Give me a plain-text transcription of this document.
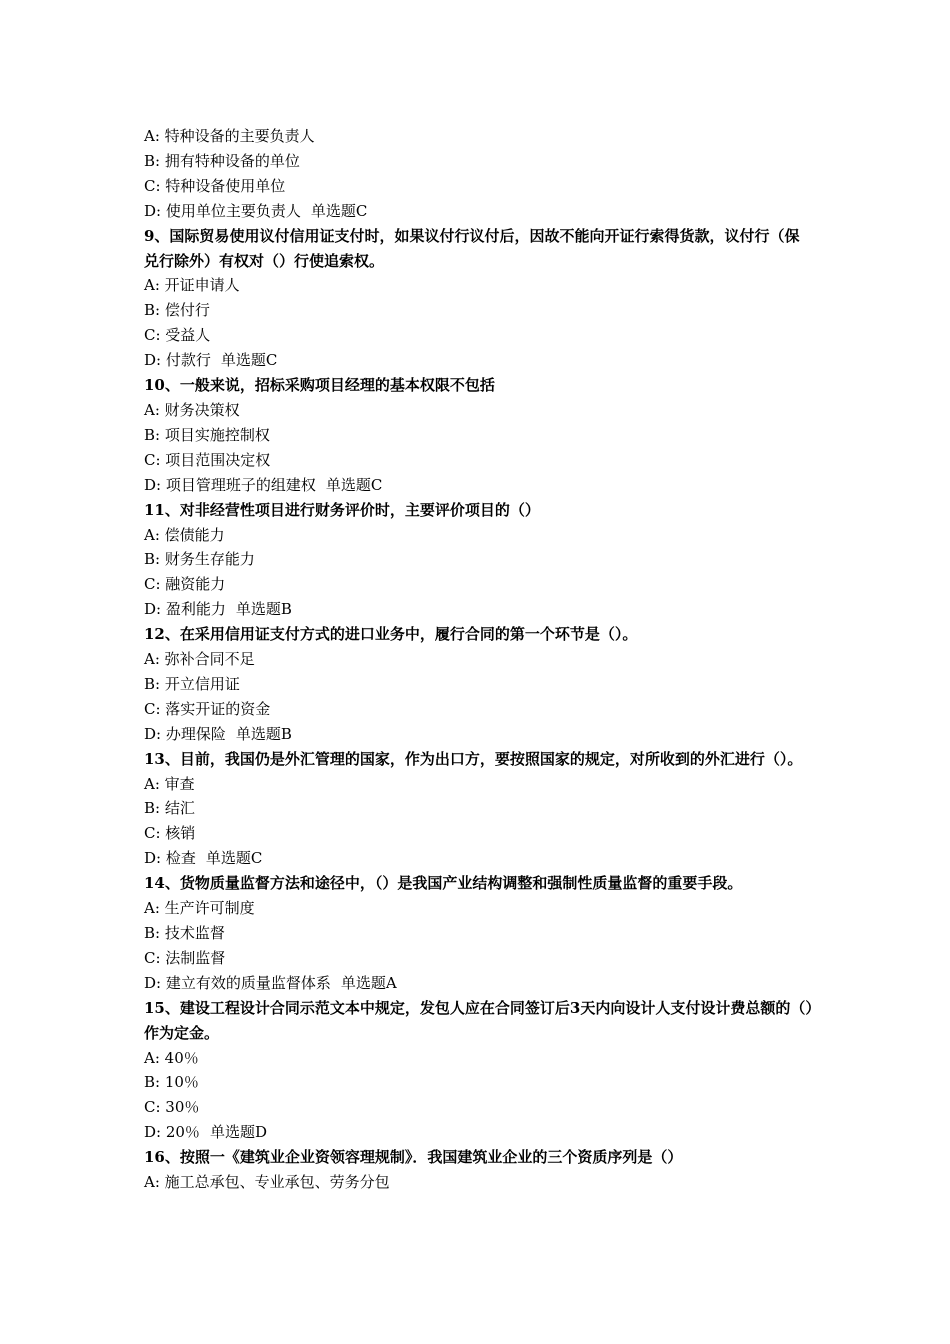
A: 特种设备的主要负责人
B: 拥有特种设备的单位
C: 特种设备使用单位
D: 使用单位主要负责人 单选题C
9、国际贸易使用议付信用证支付时，如果议付行议付后，因故不能向开证行索得货款，议付行（保兑行除外）有权对（）行使追索权。
A: 开证申请人
B: 偿付行
C: 受益人
D: 付款行 单选题C
10、一般来说，招标采购项目经理的基本权限不包括
A: 财务决策权
B: 项目实施控制权
C: 项目范围决定权
D: 项目管理班子的组建权 单选题C
11、对非经营性项目进行财务评价时，主要评价项目的（）
A: 偿债能力
B: 财务生存能力
C: 融资能力
D: 盈利能力 单选题B
12、在采用信用证支付方式的进口业务中，履行合同的第一个环节是（）。
A: 弥补合同不足
B: 开立信用证
C: 落实开证的资金
D: 办理保险 单选题B
13、目前，我国仍是外汇管理的国家，作为出口方，要按照国家的规定，对所收到的外汇进行（）。
A: 审查
B: 结汇
C: 核销
D: 检查 单选题C
14、货物质量监督方法和途径中，（）是我国产业结构调整和强制性质量监督的重要手段。
A: 生产许可制度
B: 技术监督
C: 法制监督
D: 建立有效的质量监督体系 单选题A
15、建设工程设计合同示范文本中规定，发包人应在合同签订后3天内向设计人支付设计费总额的（）作为定金。
A: 40％
B: 10％
C: 30％
D: 20％ 单选题D
16、按照一《建筑业企业资领容理规制》．我国建筑业企业的三个资质序列是（）
A: 施工总承包、专业承包、劳务分包
